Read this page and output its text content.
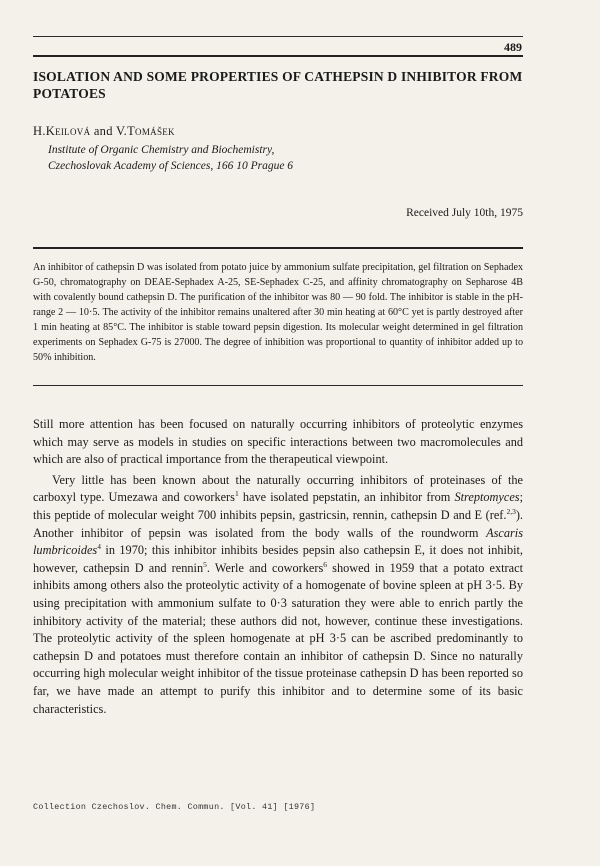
489
ISOLATION AND SOME PROPERTIES OF CATHEPSIN D INHIBITOR FROM POTATOES
H.Keilová and V.Tomášek
Institute of Organic Chemistry and Biochemistry,
Czechoslovak Academy of Sciences, 166 10 Prague 6
Received July 10th, 1975

An inhibitor of cathepsin D was isolated from potato juice by ammonium sulfate precipitation, gel filtration on Sephadex G-50, chromatography on DEAE-Sephadex A-25, SE-Sephadex C-25, and affinity chromatography on Sepharose 4B with covalently bound cathepsin D. The purification of the inhibitor was 80 — 90 fold. The inhibitor is stable in the pH-range 2 — 10·5. The activity of the inhibitor remains unaltered after 30 min heating at 60°C yet is partly destroyed after 1 min heating at 85°C. The inhibitor is stable toward pepsin digestion. Its molecular weight determined in gel filtration experiments on Sephadex G-75 is 27000. The degree of inhibition was proportional to quantity of inhibitor added up to 50% inhibition.

Still more attention has been focused on naturally occurring inhibitors of proteolytic enzymes which may serve as models in studies on specific interactions between two macromolecules and which are also of practical importance from the therapeutical viewpoint.

Very little has been known about the naturally occurring inhibitors of proteinases of the carboxyl type. Umezawa and coworkers$^1$ have isolated pepstatin, an inhibitor from Streptomyces; this peptide of molecular weight 700 inhibits pepsin, gastricsin, rennin, cathepsin D and E (ref.$^{2,3}$). Another inhibitor of pepsin was isolated from the body walls of the roundworm Ascaris lumbricoides$^4$ in 1970; this inhibitor inhibits besides pepsin also cathepsin E, it does not inhibit, however, cathepsin D and rennin$^5$. Werle and coworkers$^6$ showed in 1959 that a potato extract inhibits among others also the proteolytic activity of a homogenate of bovine spleen at pH 3·5. By using precipitation with ammonium sulfate to 0·3 saturation they were able to enrich partly the inhibitory activity of the material; these authors did not, however, continue these investigations. The proteolytic activity of the spleen homogenate at pH 3·5 can be ascribed predominantly to cathepsin D and potatoes must therefore contain an inhibitor of cathepsin D. Since no naturally occurring high molecular weight inhibitor of the tissue proteinase cathepsin D has been reported so far, we have made an attempt to purify this inhibitor and to determine some of its basic characteristics.

Collection Czechoslov. Chem. Commun. [Vol. 41] [1976]
